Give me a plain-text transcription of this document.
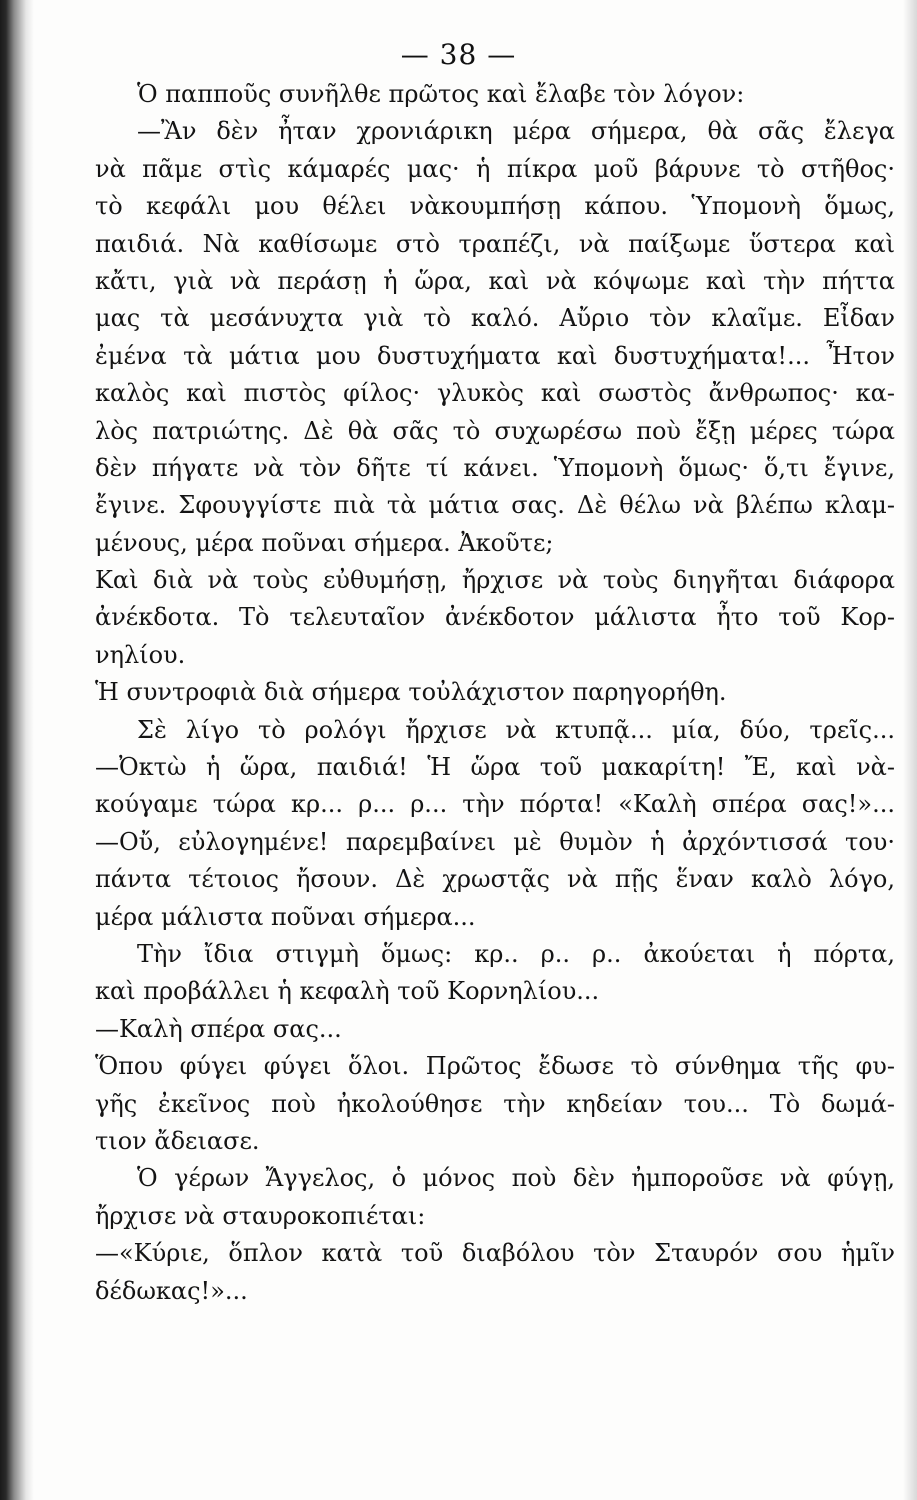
— 38 —
Ὁ παπποῦς συνῆλθε πρῶτος καὶ ἔλαβε τὸν λόγον:
—Ἂν δὲν ἦταν χρονιάρικη μέρα σήμερα, θὰ σᾶς ἔλεγα
νὰ πᾶμε στὶς κάμαρές μας· ἡ πίκρα μοῦ βάρυνε τὸ στῆθος·
τὸ κεφάλι μου θέλει νὰκουμπήσῃ κάπου. Ὑπομονὴ ὅμως,
παιδιά. Νὰ καθίσωμε στὸ τραπέζι, νὰ παίξωμε ὕστερα καὶ
κἄτι, γιὰ νὰ περάσῃ ἡ ὥρα, καὶ νὰ κόψωμε καὶ τὴν πήττα
μας τὰ μεσάνυχτα γιὰ τὸ καλό. Αὔριο τὸν κλαῖμε. Εἶδαν
ἐμένα τὰ μάτια μου δυστυχήματα καὶ δυστυχήματα!... Ἦτον
καλὸς καὶ πιστὸς φίλος· γλυκὸς καὶ σωστὸς ἄνθρωπος· κα-
λὸς πατριώτης. Δὲ θὰ σᾶς τὸ συχωρέσω ποὺ ἔξῃ μέρες τώρα
δὲν πήγατε νὰ τὸν δῆτε τί κάνει. Ὑπομονὴ ὅμως· ὅ,τι ἔγινε,
ἔγινε. Σφουγγίστε πιὰ τὰ μάτια σας. Δὲ θέλω νὰ βλέπω κλαμ-
μένους, μέρα ποῦναι σήμερα. Ἀκοῦτε;
Καὶ διὰ νὰ τοὺς εὐθυμήσῃ, ἤρχισε νὰ τοὺς διηγῆται διάφορα
ἀνέκδοτα. Τὸ τελευταῖον ἀνέκδοτον μάλιστα ἦτο τοῦ Κορ-
νηλίου.
Ἡ συντροφιὰ διὰ σήμερα τοὐλάχιστον παρηγορήθη.
Σὲ λίγο τὸ ρολόγι ἤρχισε νὰ κτυπᾷ... μία, δύο, τρεῖς...
—Ὀκτὼ ἡ ὥρα, παιδιά! Ἡ ὥρα τοῦ μακαρίτη! Ἔ, καὶ νὰ-
κούγαμε τώρα κρ... ρ... ρ... τὴν πόρτα! «Καλὴ σπέρα σας!»...
—Οὔ, εὐλογημένε! παρεμβαίνει μὲ θυμὸν ἡ ἀρχόντισσά του·
πάντα τέτοιος ἤσουν. Δὲ χρωστᾷς νὰ πῇς ἕναν καλὸ λόγο,
μέρα μάλιστα ποῦναι σήμερα...
Τὴν ἴδια στιγμὴ ὅμως: κρ.. ρ.. ρ.. ἀκούεται ἡ πόρτα,
καὶ προβάλλει ἡ κεφαλὴ τοῦ Κορνηλίου...
—Καλὴ σπέρα σας...
Ὅπου φύγει φύγει ὅλοι. Πρῶτος ἔδωσε τὸ σύνθημα τῆς φυ-
γῆς ἐκεῖνος ποὺ ἠκολούθησε τὴν κηδείαν του... Τὸ δωμά-
τιον ἄδειασε.
Ὁ γέρων Ἄγγελος, ὁ μόνος ποὺ δὲν ἠμποροῦσε νὰ φύγῃ,
ἤρχισε νὰ σταυροκοπιέται:
—«Κύριε, ὅπλον κατὰ τοῦ διαβόλου τὸν Σταυρόν σου ἡμῖν
δέδωκας!»...
